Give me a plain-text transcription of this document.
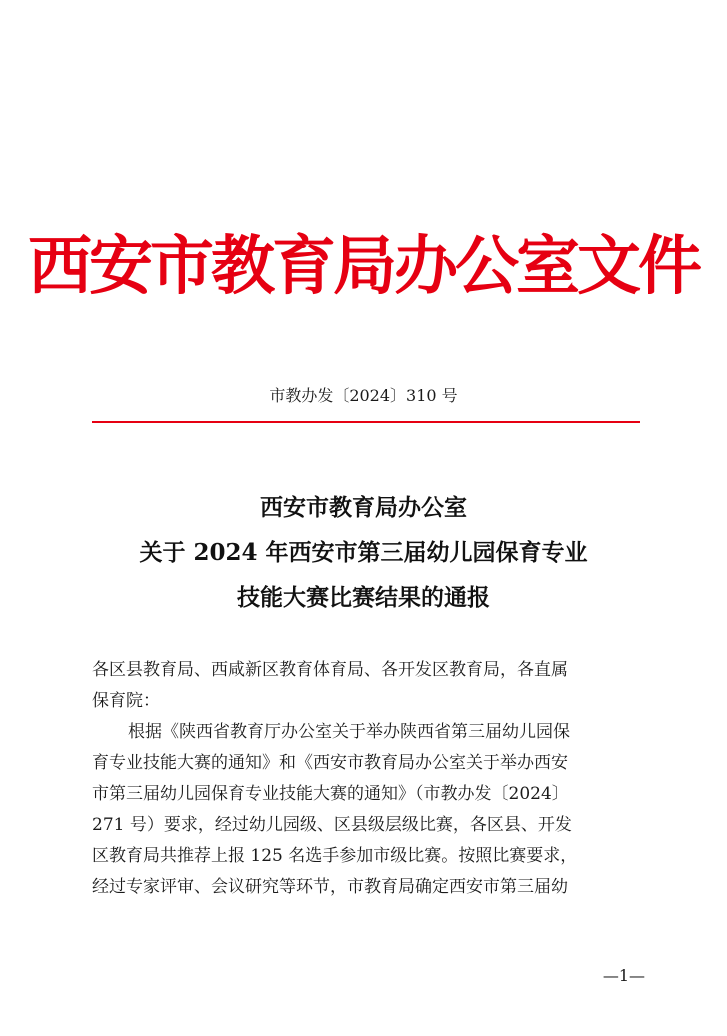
西安市教育局办公室文件
市教办发〔2024〕310 号
西安市教育局办公室
关于 2024 年西安市第三届幼儿园保育专业
技能大赛比赛结果的通报
各区县教育局、西咸新区教育体育局、各开发区教育局，各直属
保育院：
根据《陕西省教育厅办公室关于举办陕西省第三届幼儿园保
育专业技能大赛的通知》和《西安市教育局办公室关于举办西安
市第三届幼儿园保育专业技能大赛的通知》（市教办发〔2024〕
271 号）要求，经过幼儿园级、区县级层级比赛，各区县、开发
区教育局共推荐上报 125 名选手参加市级比赛。按照比赛要求，
经过专家评审、会议研究等环节，市教育局确定西安市第三届幼
—1—
